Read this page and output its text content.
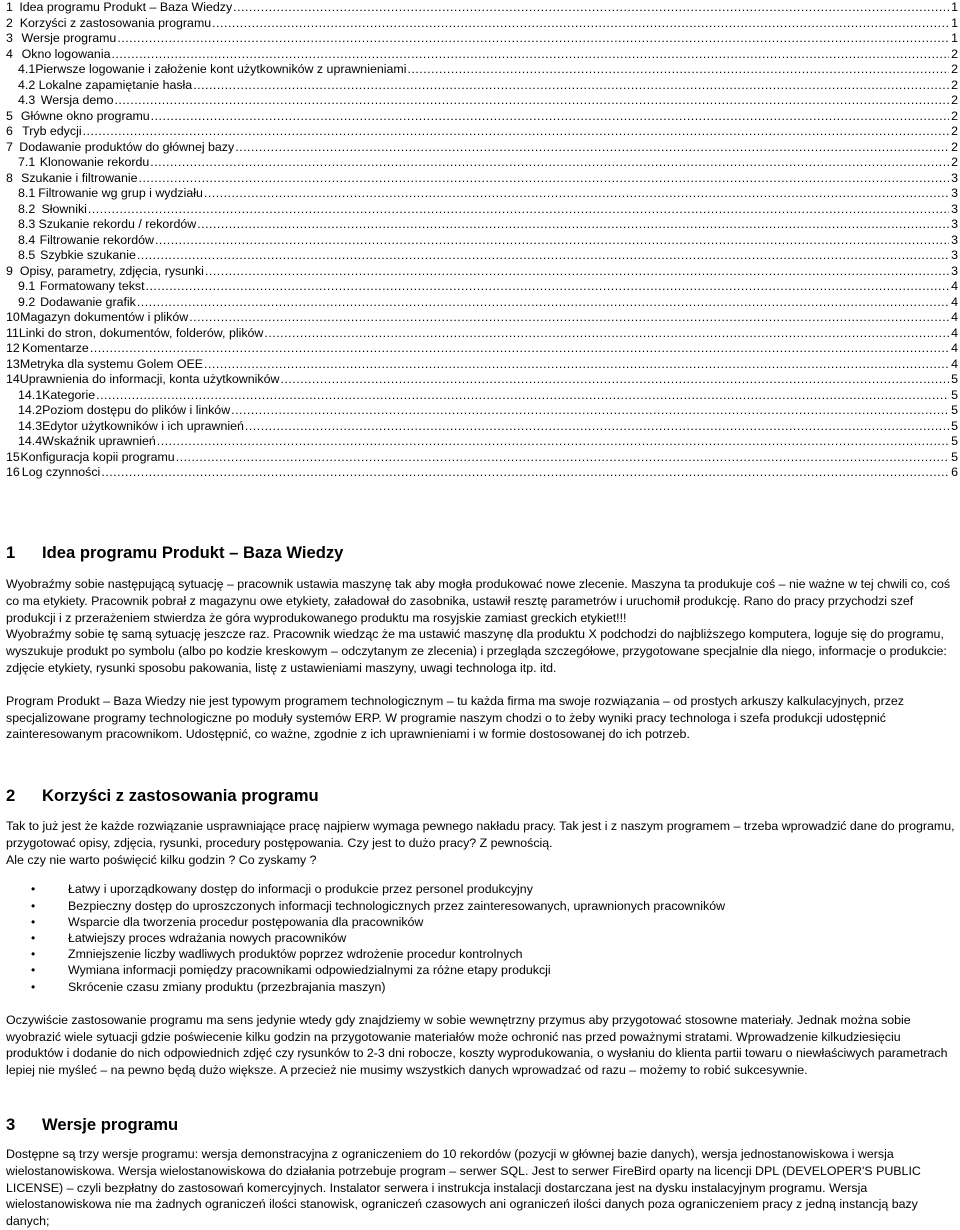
1 Idea programu Produkt – Baza Wiedzy .....	1
2 Korzyści z zastosowania programu .....	1
3 Wersje programu .....	1
4 Okno logowania .....	2
4.1 Pierwsze logowanie i założenie kont użytkowników z uprawnieniami .....	2
4.2 Lokalne zapamiętanie hasła .....	2
4.3 Wersja demo .....	2
5 Główne okno programu .....	2
6 Tryb edycji .....	2
7 Dodawanie produktów do głównej bazy .....	2
7.1 Klonowanie rekordu .....	2
8 Szukanie i filtrowanie .....	3
8.1 Filtrowanie wg grup i wydziału .....	3
8.2 Słowniki .....	3
8.3 Szukanie rekordu / rekordów .....	3
8.4 Filtrowanie rekordów .....	3
8.5 Szybkie szukanie .....	3
9 Opisy, parametry, zdjęcia, rysunki .....	3
9.1 Formatowany tekst .....	4
9.2 Dodawanie grafik .....	4
10 Magazyn dokumentów i plików .....	4
11 Linki do stron, dokumentów, folderów, plików .....	4
12 Komentarze .....	4
13 Metryka dla systemu Golem OEE .....	4
14 Uprawnienia do informacji, konta użytkowników .....	5
14.1 Kategorie .....	5
14.2 Poziom dostępu do plików i linków .....	5
14.3 Edytor użytkowników i ich uprawnień .....	5
14.4 Wskaźnik uprawnień .....	5
15 Konfiguracja kopii programu .....	5
16 Log czynności .....	6
1	Idea programu Produkt – Baza Wiedzy

Wyobraźmy sobie następującą sytuację – pracownik ustawia maszynę tak aby mogła produkować nowe zlecenie. Maszyna ta produkuje coś – nie ważne w tej chwili co, coś co ma etykiety. Pracownik pobrał z magazynu owe etykiety, załadował do zasobnika, ustawił resztę parametrów i uruchomił produkcję. Rano do pracy przychodzi szef produkcji i z przerażeniem stwierdza że góra wyprodukowanego produktu ma rosyjskie zamiast greckich etykiet!!!

Wyobraźmy sobie tę samą sytuację jeszcze raz. Pracownik wiedząc że ma ustawić maszynę dla produktu X podchodzi do najbliższego komputera, loguje się do programu, wyszukuje produkt po symbolu (albo po kodzie kreskowym – odczytanym ze zlecenia) i przegląda szczegółowe, przygotowane specjalnie dla niego, informacje o produkcie: zdjęcie etykiety, rysunki sposobu pakowania, listę z ustawieniami maszyny, uwagi technologa itp. itd.

Program Produkt – Baza Wiedzy nie jest typowym programem technologicznym – tu każda firma ma swoje rozwiązania – od prostych arkuszy kalkulacyjnych, przez specjalizowane programy technologiczne po moduły systemów ERP. W programie naszym chodzi o to żeby wyniki pracy technologa i szefa produkcji udostępnić zainteresowanym pracownikom. Udostępnić, co ważne, zgodnie z ich uprawnieniami i w formie dostosowanej do ich potrzeb.

2	Korzyści z zastosowania programu

Tak to już jest że każde rozwiązanie usprawniające pracę najpierw wymaga pewnego nakładu pracy. Tak jest i z naszym programem – trzeba wprowadzić dane do programu, przygotować opisy, zdjęcia, rysunki, procedury postępowania. Czy jest to dużo pracy? Z pewnością.

Ale czy nie warto poświęcić kilku godzin ? Co zyskamy ?

• Łatwy i uporządkowany dostęp do informacji o produkcie przez personel produkcyjny
• Bezpieczny dostęp do uproszczonych informacji technologicznych przez zainteresowanych, uprawnionych pracowników
• Wsparcie dla tworzenia procedur postępowania dla pracowników
• Łatwiejszy proces wdrażania nowych pracowników
• Zmniejszenie liczby wadliwych produktów poprzez wdrożenie procedur kontrolnych
• Wymiana informacji pomiędzy pracownikami odpowiedzialnymi za różne etapy produkcji
• Skrócenie czasu zmiany produktu (przezbrajania maszyn)

Oczywiście zastosowanie programu ma sens jedynie wtedy gdy znajdziemy w sobie wewnętrzny przymus aby przygotować stosowne materiały. Jednak można sobie wyobrazić wiele sytuacji gdzie poświecenie kilku godzin na przygotowanie materiałów może ochronić nas przed poważnymi stratami. Wprowadzenie kilkudziesięciu produktów i dodanie do nich odpowiednich zdjęć czy rysunków to 2-3 dni robocze, koszty wyprodukowania, o wysłaniu do klienta partii towaru o niewłaściwych parametrach lepiej nie myśleć – na pewno będą dużo większe. A przecież nie musimy wszystkich danych wprowadzać od razu – możemy to robić sukcesywnie.

3	Wersje programu

Dostępne są trzy wersje programu: wersja demonstracyjna z ograniczeniem do 10 rekordów (pozycji w głównej bazie danych), wersja jednostanowiskowa i wersja wielostanowiskowa. Wersja wielostanowiskowa do działania potrzebuje program – serwer SQL. Jest to serwer FireBird oparty na licencji DPL (DEVELOPER'S PUBLIC LICENSE) – czyli bezpłatny do zastosowań komercyjnych. Instalator serwera i instrukcja instalacji dostarczana jest na dysku instalacyjnym programu. Wersja wielostanowiskowa nie ma żadnych ograniczeń ilości stanowisk, ograniczeń czasowych ani ograniczeń ilości danych poza ograniczeniem pracy z jedną instancją bazy danych;
